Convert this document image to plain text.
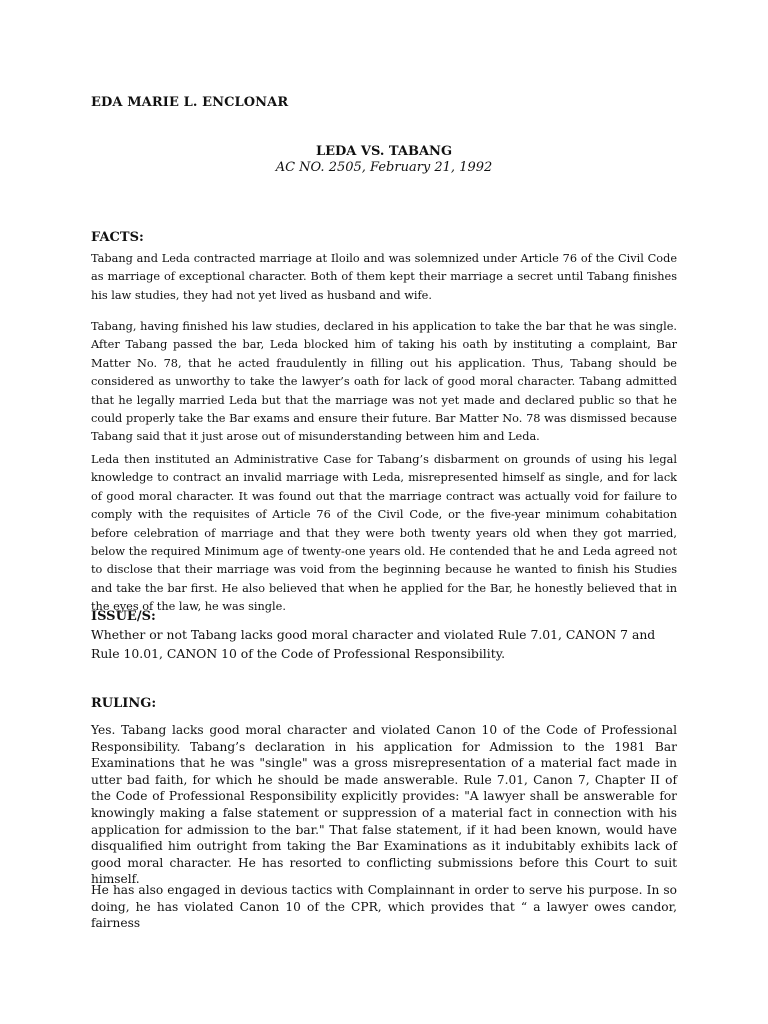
EDA MARIE L. ENCLONAR
LEDA VS. TABANG
AC NO. 2505, February 21, 1992
FACTS:

Tabang and Leda contracted marriage at Iloilo and was solemnized under Article 76 of the Civil Code as marriage of exceptional character. Both of them kept their marriage a secret until Tabang finishes his law studies, they had not yet lived as husband and wife.

Tabang, having finished his law studies, declared in his application to take the bar that he was single. After Tabang passed the bar, Leda blocked him of taking his oath by instituting a complaint, Bar Matter No. 78, that he acted fraudulently in filling out his application. Thus, Tabang should be considered as unworthy to take the lawyer’s oath for lack of good moral character. Tabang admitted that he legally married Leda but that the marriage was not yet made and declared public so that he could properly take the Bar exams and ensure their future. Bar Matter No. 78 was dismissed because Tabang said that it just arose out of misunderstanding between him and Leda.

Leda then instituted an Administrative Case for Tabang’s disbarment on grounds of using his legal knowledge to contract an invalid marriage with Leda, misrepresented himself as single, and for lack of good moral character. It was found out that the marriage contract was actually void for failure to comply with the requisites of Article 76 of the Civil Code, or the five-year minimum cohabitation before celebration of marriage and that they were both twenty years old when they got married, below the required Minimum age of twenty-one years old. He contended that he and Leda agreed not to disclose that their marriage was void from the beginning because he wanted to finish his Studies and take the bar first. He also believed that when he applied for the Bar, he honestly believed that in the eyes of the law, he was single.

ISSUE/S:

Whether or not Tabang lacks good moral character and violated Rule 7.01, CANON 7 and Rule 10.01, CANON 10 of the Code of Professional Responsibility.

RULING:

Yes. Tabang lacks good moral character and violated Canon 10 of the Code of Professional Responsibility. Tabang’s declaration in his application for Admission to the 1981 Bar Examinations that he was "single" was a gross misrepresentation of a material fact made in utter bad faith, for which he should be made answerable. Rule 7.01, Canon 7, Chapter II of the Code of Professional Responsibility explicitly provides: "A lawyer shall be answerable for knowingly making a false statement or suppression of a material fact in connection with his application for admission to the bar." That false statement, if it had been known, would have disqualified him outright from taking the Bar Examinations as it indubitably exhibits lack of good moral character. He has resorted to conflicting submissions before this Court to suit himself.

He has also engaged in devious tactics with Complainnant in order to serve his purpose. In so doing, he has violated Canon 10 of the CPR, which provides that “ a lawyer owes candor, fairness
